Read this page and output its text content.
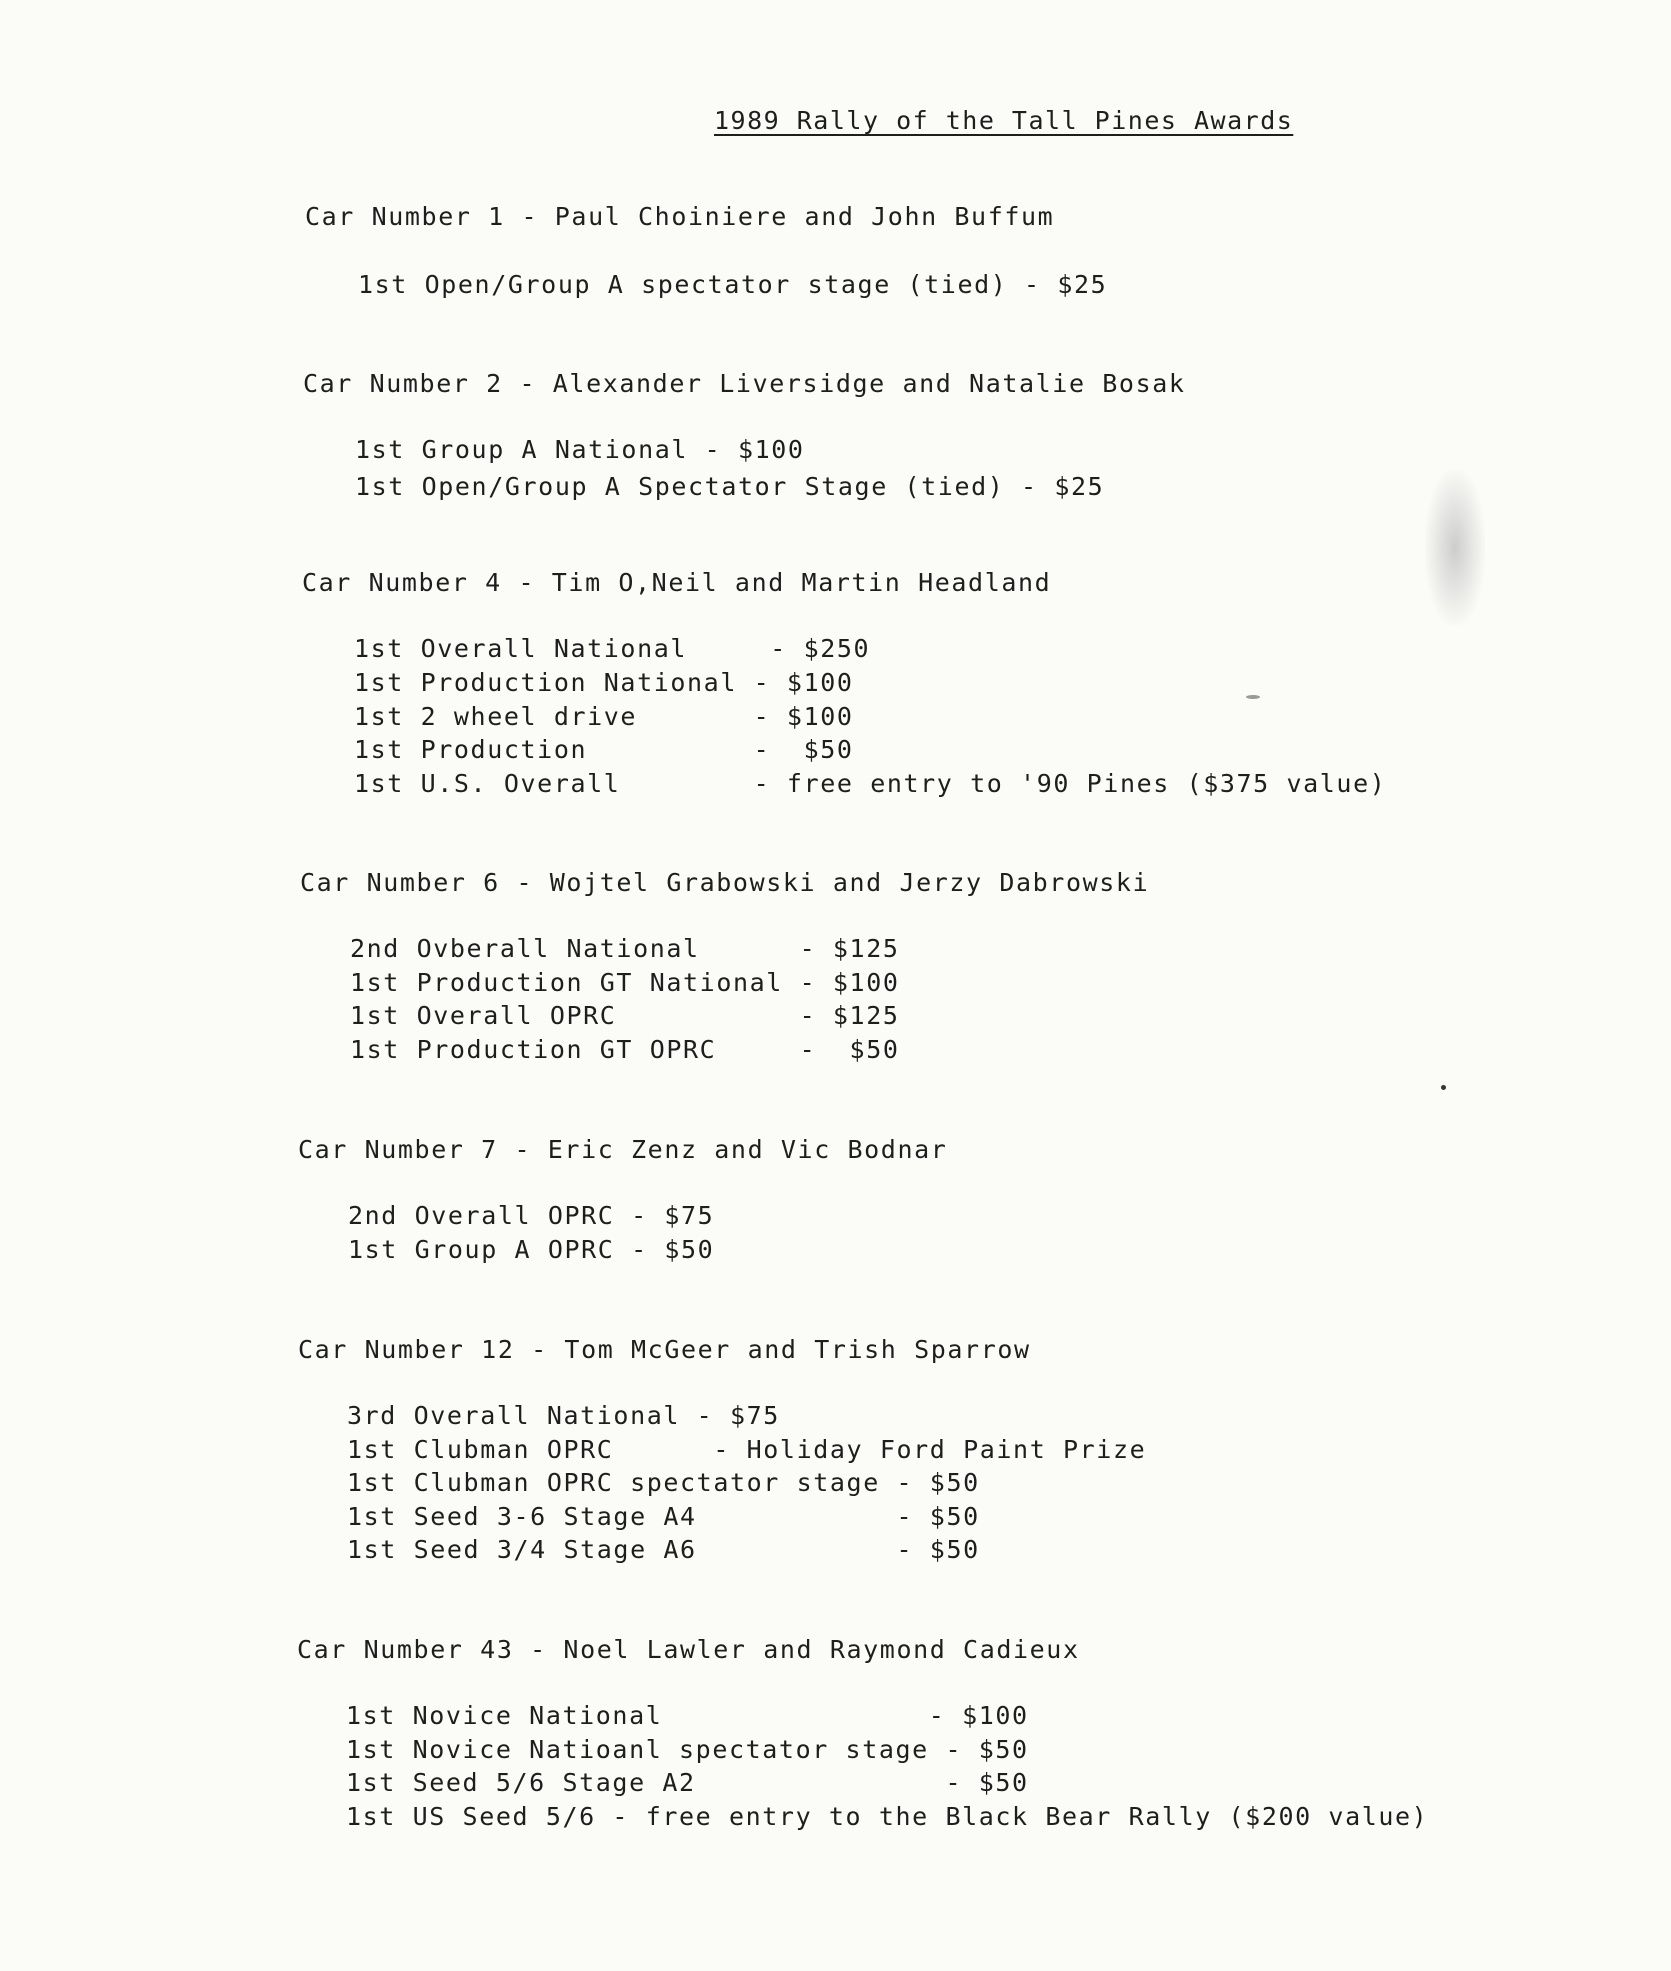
1989 Rally of the Tall Pines Awards
Car Number 1 - Paul Choiniere and John Buffum
1st Open/Group A spectator stage (tied) - $25
Car Number 2 - Alexander Liversidge and Natalie Bosak
1st Group A National - $100
1st Open/Group A Spectator Stage (tied) - $25
Car Number 4 - Tim O,Neil and Martin Headland
1st Overall National     - $250
1st Production National - $100
1st 2 wheel drive       - $100
1st Production          -  $50
1st U.S. Overall        - free entry to '90 Pines ($375 value)
Car Number 6 - Wojtel Grabowski and Jerzy Dabrowski
2nd Ovberall National      - $125
1st Production GT National - $100
1st Overall OPRC           - $125
1st Production GT OPRC     -  $50
Car Number 7 - Eric Zenz and Vic Bodnar
2nd Overall OPRC - $75
1st Group A OPRC - $50
Car Number 12 - Tom McGeer and Trish Sparrow
3rd Overall National - $75
1st Clubman OPRC      - Holiday Ford Paint Prize
1st Clubman OPRC spectator stage - $50
1st Seed 3-6 Stage A4            - $50
1st Seed 3/4 Stage A6            - $50
Car Number 43 - Noel Lawler and Raymond Cadieux
1st Novice National                - $100
1st Novice Natioanl spectator stage - $50
1st Seed 5/6 Stage A2               - $50
1st US Seed 5/6 - free entry to the Black Bear Rally ($200 value)
